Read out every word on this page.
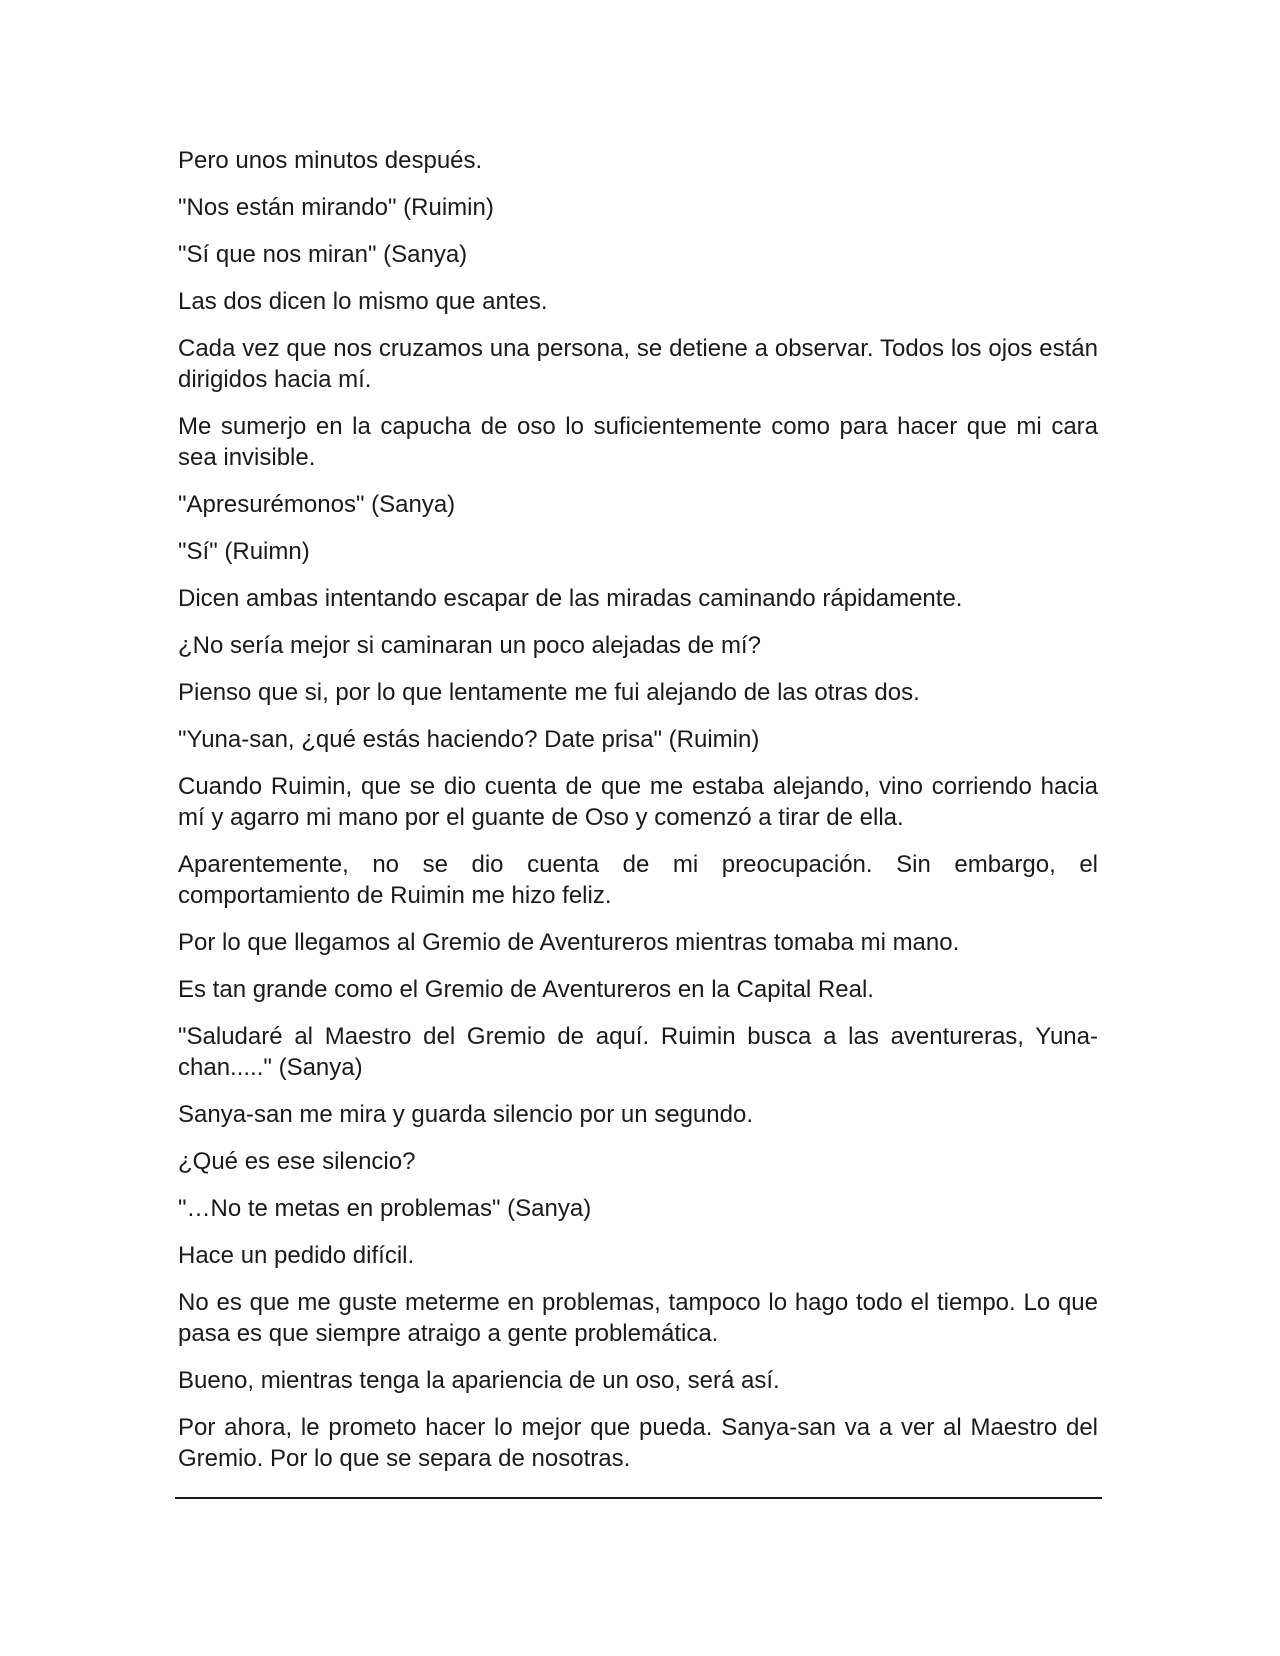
Pero unos minutos después.

"Nos están mirando" (Ruimin)

"Sí que nos miran" (Sanya)

Las dos dicen lo mismo que antes.

Cada vez que nos cruzamos una persona, se detiene a observar. Todos los ojos están dirigidos hacia mí.

Me sumerjo en la capucha de oso lo suficientemente como para hacer que mi cara sea invisible.

"Apresurémonos" (Sanya)

"Sí" (Ruimn)

Dicen ambas intentando escapar de las miradas caminando rápidamente.

¿No sería mejor si caminaran un poco alejadas de mí?

Pienso que si, por lo que lentamente me fui alejando de las otras dos.

"Yuna-san, ¿qué estás haciendo? Date prisa" (Ruimin)

Cuando Ruimin, que se dio cuenta de que me estaba alejando, vino corriendo hacia mí y agarro mi mano por el guante de Oso y comenzó a tirar de ella.

Aparentemente, no se dio cuenta de mi preocupación. Sin embargo, el comportamiento de Ruimin me hizo feliz.

Por lo que llegamos al Gremio de Aventureros mientras tomaba mi mano.

Es tan grande como el Gremio de Aventureros en la Capital Real.

"Saludaré al Maestro del Gremio de aquí. Ruimin busca a las aventureras, Yuna-chan....." (Sanya)

Sanya-san me mira y guarda silencio por un segundo.

¿Qué es ese silencio?

"…No te metas en problemas" (Sanya)

Hace un pedido difícil.

No es que me guste meterme en problemas, tampoco lo hago todo el tiempo. Lo que pasa es que siempre atraigo a gente problemática.

Bueno, mientras tenga la apariencia de un oso, será así.

Por ahora, le prometo hacer lo mejor que pueda. Sanya-san va a ver al Maestro del Gremio. Por lo que se separa de nosotras.
